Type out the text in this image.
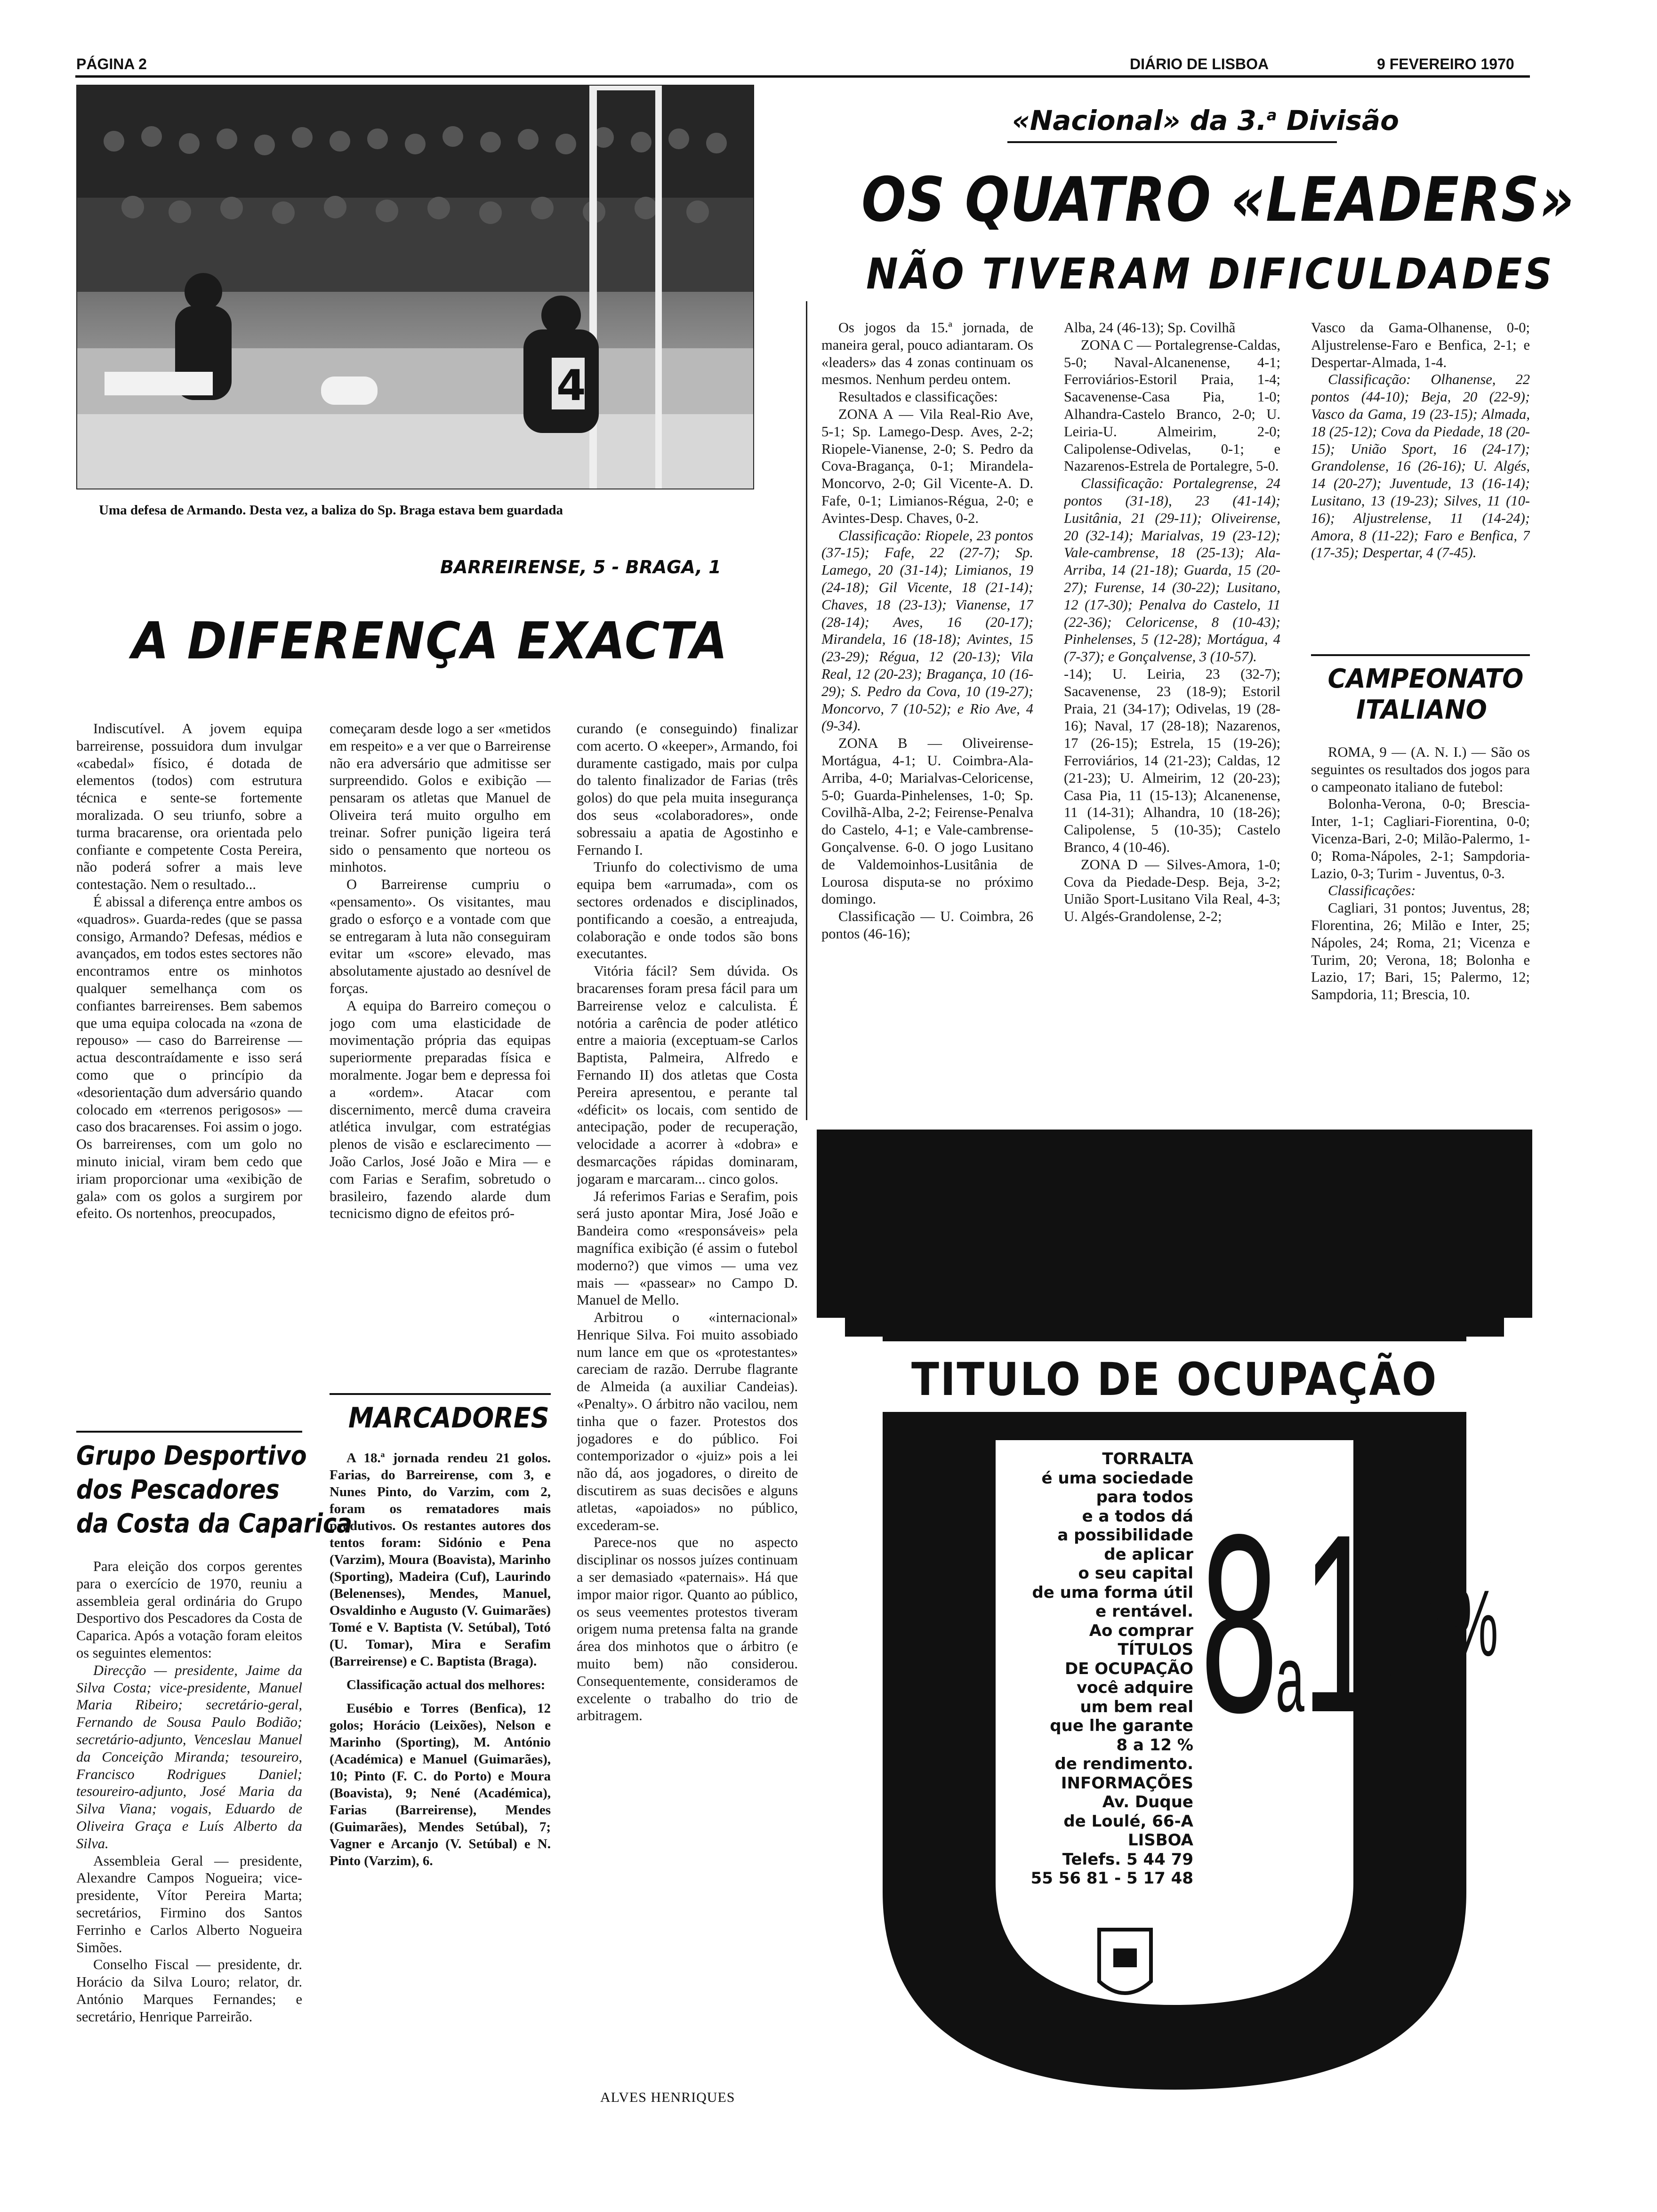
PÁGINA 2	DIÁRIO DE LISBOA	9 FEVEREIRO 1970
4
Uma defesa de Armando. Desta vez, a baliza do Sp. Braga estava bem guardada
BARREIRENSE, 5 - BRAGA, 1
A DIFERENÇA EXACTA

Indiscutível. A jovem equipa barreirense, possuidora dum invulgar «cabedal» físico, é dotada de elementos (todos) com estrutura técnica e sente-se fortemente moralizada. O seu triunfo, sobre a turma bracarense, ora orientada pelo confiante e competente Costa Pereira, não poderá sofrer a mais leve contestação. Nem o resultado...

É abissal a diferença entre ambos os «quadros». Guarda-redes (que se passa consigo, Armando? Defesas, médios e avançados, em todos estes sectores não encontramos entre os minhotos qualquer semelhança com os confiantes barreirenses. Bem sabemos que uma equipa colocada na «zona de repouso» — caso do Barreirense — actua descontraídamente e isso será como que o princípio da «desorientação dum adversário quando colocado em «terrenos perigosos» — caso dos bracarenses. Foi assim o jogo. Os barreirenses, com um golo no minuto inicial, viram bem cedo que iriam proporcionar uma «exibição de gala» com os golos a surgirem por efeito. Os nortenhos, preocupados,

começaram desde logo a ser «metidos em respeito» e a ver que o Barreirense não era adversário que admitisse ser surpreendido. Golos e exibição —pensaram os atletas que Manuel de Oliveira terá muito orgulho em treinar. Sofrer punição ligeira terá sido o pensamento que norteou os minhotos.

O Barreirense cumpriu o «pensamento». Os visitantes, mau grado o esforço e a vontade com que se entregaram à luta não conseguiram evitar um «score» elevado, mas absolutamente ajustado ao desnível de forças.

A equipa do Barreiro começou o jogo com uma elasticidade de movimentação própria das equipas superiormente preparadas física e moralmente. Jogar bem e depressa foi a «ordem». Atacar com discernimento, mercê duma craveira atlética invulgar, com estratégias plenos de visão e esclarecimento — João Carlos, José João e Mira — e com Farias e Serafim, sobretudo o brasileiro, fazendo alarde dum tecnicismo digno de efeitos pró-

curando (e conseguindo) finalizar com acerto. O «keeper», Armando, foi duramente castigado, mais por culpa do talento finalizador de Farias (três golos) do que pela muita insegurança dos seus «colaboradores», onde sobressaiu a apatia de Agostinho e Fernando I.

Triunfo do colectivismo de uma equipa bem «arrumada», com os sectores ordenados e disciplinados, pontificando a coesão, a entreajuda, colaboração e onde todos são bons executantes.

Vitória fácil? Sem dúvida. Os bracarenses foram presa fácil para um Barreirense veloz e calculista. É notória a carência de poder atlético entre a maioria (exceptuam-se Carlos Baptista, Palmeira, Alfredo e Fernando II) dos atletas que Costa Pereira apresentou, e perante tal «déficit» os locais, com sentido de antecipação, poder de recuperação, velocidade a acorrer à «dobra» e desmarcações rápidas dominaram, jogaram e marcaram... cinco golos.

Já referimos Farias e Serafim, pois será justo apontar Mira, José João e Bandeira como «responsáveis» pela magnífica exibição (é assim o futebol moderno?) que vimos — uma vez mais — «passear» no Campo D. Manuel de Mello.

Arbitrou o «internacional» Henrique Silva. Foi muito assobiado num lance em que os «protestantes» careciam de razão. Derrube flagrante de Almeida (a auxiliar Candeias). «Penalty». O árbitro não vacilou, nem tinha que o fazer. Protestos dos jogadores e do público. Foi contemporizador o «juiz» pois a lei não dá, aos jogadores, o direito de discutirem as suas decisões e alguns atletas, «apoiados» no público, excederam-se.

Parece-nos que no aspecto disciplinar os nossos juízes continuam a ser demasiado «paternais». Há que impor maior rigor. Quanto ao público, os seus veementes protestos tiveram origem numa pretensa falta na grande área dos minhotos que o árbitro (e muito bem) não considerou. Consequentemente, consideramos de excelente o trabalho do trio de arbitragem.

ALVES HENRIQUES
MARCADORES

A 18.ª jornada rendeu 21 golos. Farias, do Barreirense, com 3, e Nunes Pinto, do Varzim, com 2, foram os rematadores mais produtivos. Os restantes autores dos tentos foram: Sidónio e Pena (Varzim), Moura (Boavista), Marinho (Sporting), Madeira (Cuf), Laurindo (Belenenses), Mendes, Manuel, Osvaldinho e Augusto (V. Guimarães) Tomé e V. Baptista (V. Setúbal), Totó (U. Tomar), Mira e Serafim (Barreirense) e C. Baptista (Braga).

Classificação actual dos melhores:

Eusébio e Torres (Benfica), 12 golos; Horácio (Leixões), Nelson e Marinho (Sporting), M. António (Académica) e Manuel (Guimarães), 10; Pinto (F. C. do Porto) e Moura (Boavista), 9; Nené (Académica), Farias (Barreirense), Mendes (Guimarães), Mendes Setúbal), 7; Vagner e Arcanjo (V. Setúbal) e N. Pinto (Varzim), 6.

Grupo Desportivo
dos Pescadores
da Costa da Caparica

Para eleição dos corpos gerentes para o exercício de 1970, reuniu a assembleia geral ordinária do Grupo Desportivo dos Pescadores da Costa de Caparica. Após a votação foram eleitos os seguintes elementos:

Direcção — presidente, Jaime da Silva Costa; vice-presidente, Manuel Maria Ribeiro; secretário-geral, Fernando de Sousa Paulo Bodião; secretário-adjunto, Venceslau Manuel da Conceição Miranda; tesoureiro, Francisco Rodrigues Daniel; tesoureiro-adjunto, José Maria da Silva Viana; vogais, Eduardo de Oliveira Graça e Luís Alberto da Silva.

Assembleia Geral — presidente, Alexandre Campos Nogueira; vice-presidente, Vítor Pereira Marta; secretários, Firmino dos Santos Ferrinho e Carlos Alberto Nogueira Simões.

Conselho Fiscal — presidente, dr. Horácio da Silva Louro; relator, dr. António Marques Fernandes; e secretário, Henrique Parreirão.

«Nacional» da 3.$^a$ Divisão
OS QUATRO «LEADERS»
NÃO TIVERAM DIFICULDADES

Os jogos da 15.ª jornada, de maneira geral, pouco adiantaram. Os «leaders» das 4 zonas continuam os mesmos. Nenhum perdeu ontem.

Resultados e classificações:

ZONA A — Vila Real-Rio Ave, 5-1; Sp. Lamego-Desp. Aves, 2-2; Riopele-Vianense, 2-0; S. Pedro da Cova-Bragança, 0-1; Mirandela-Moncorvo, 2-0; Gil Vicente-A. D. Fafe, 0-1; Limianos-Régua, 2-0; e Avintes-Desp. Chaves, 0-2.

Classificação: Riopele, 23 pontos (37-15); Fafe, 22 (27-7); Sp. Lamego, 20 (31-14); Limianos, 19 (24-18); Gil Vicente, 18 (21-14); Chaves, 18 (23-13); Vianense, 17 (28-14); Aves, 16 (20-17); Mirandela, 16 (18-18); Avintes, 15 (23-29); Régua, 12 (20-13); Vila Real, 12 (20-23); Bragança, 10 (16-29); S. Pedro da Cova, 10 (19-27); Moncorvo, 7 (10-52); e Rio Ave, 4 (9-34).

ZONA B — Oliveirense-Mortágua, 4-1; U. Coimbra-Ala-Arriba, 4-0; Marialvas-Celoricense, 5-0; Guarda-Pinhelenses, 1-0; Sp. Covilhã-Alba, 2-2; Feirense-Penalva do Castelo, 4-1; e Vale-cambrense-Gonçalvense. 6-0. O jogo Lusitano de Valdemoinhos-Lusitânia de Lourosa disputa-se no próximo domingo.

Classificação — U. Coimbra, 26 pontos (46-16);

Alba, 24 (46-13); Sp. Covilhã

ZONA C — Portalegrense-Caldas, 5-0; Naval-Alcanenense, 4-1; Ferroviários-Estoril Praia, 1-4; Sacavenense-Casa Pia, 1-0; Alhandra-Castelo Branco, 2-0; U. Leiria-U. Almeirim, 2-0; Calipolense-Odivelas, 0-1; e Nazarenos-Estrela de Portalegre, 5-0.

Classificação: Portalegrense, 24 pontos (31-18), 23 (41-14); Lusitânia, 21 (29-11); Oliveirense, 20 (32-14); Marialvas, 19 (23-12); Vale-cambrense, 18 (25-13); Ala-Arriba, 14 (21-18); Guarda, 15 (20-27); Furense, 14 (30-22); Lusitano, 12 (17-30); Penalva do Castelo, 11 (22-36); Celoricense, 8 (10-43); Pinhelenses, 5 (12-28); Mortágua, 4 (7-37); e Gonçalvense, 3 (10-57).

-14); U. Leiria, 23 (32-7); Sacavenense, 23 (18-9); Estoril Praia, 21 (34-17); Odivelas, 19 (28-16); Naval, 17 (28-18); Nazarenos, 17 (26-15); Estrela, 15 (19-26); Ferroviários, 14 (21-23); Caldas, 12 (21-23); U. Almeirim, 12 (20-23); Casa Pia, 11 (15-13); Alcanenense, 11 (14-31); Alhandra, 10 (18-26); Calipolense, 5 (10-35); Castelo Branco, 4 (10-46).

ZONA D — Silves-Amora, 1-0; Cova da Piedade-Desp. Beja, 3-2; União Sport-Lusitano Vila Real, 4-3; U. Algés-Grandolense, 2-2;

Vasco da Gama-Olhanense, 0-0; Aljustrelense-Faro e Benfica, 2-1; e Despertar-Almada, 1-4.

Classificação: Olhanense, 22 pontos (44-10); Beja, 20 (22-9); Vasco da Gama, 19 (23-15); Almada, 18 (25-12); Cova da Piedade, 18 (20-15); União Sport, 16 (24-17); Grandolense, 16 (26-16); U. Algés, 14 (20-27); Juventude, 13 (16-14); Lusitano, 13 (19-23); Silves, 11 (10-16); Aljustrelense, 11 (14-24); Amora, 8 (11-22); Faro e Benfica, 7 (17-35); Despertar, 4 (7-45).

CAMPEONATO
ITALIANO

ROMA, 9 — (A. N. I.) — São os seguintes os resultados dos jogos para o campeonato italiano de futebol:

Bolonha-Verona, 0-0; Brescia-Inter, 1-1; Cagliari-Fiorentina, 0-0; Vicenza-Bari, 2-0; Milão-Palermo, 1-0; Roma-Nápoles, 2-1; Sampdoria-Lazio, 0-3; Turim - Juventus, 0-3.

Classificações:

Cagliari, 31 pontos; Juventus, 28; Florentina, 26; Milão e Inter, 25; Nápoles, 24; Roma, 21; Vicenza e Turim, 20; Verona, 18; Bolonha e Lazio, 17; Bari, 15; Palermo, 12; Sampdoria, 11; Brescia, 10.

TITULO DE OCUPAÇÃO
TORRALTA
é uma sociedade
para todos
e a todos dá
a possibilidade
de aplicar
o seu capital
de uma forma útil
e rentável.
Ao comprar
TÍTULOS
DE OCUPAÇÃO
você adquire
um bem real
que lhe garante
8 a 12 %
de rendimento.
INFORMAÇÕES
Av. Duque
de Loulé, 66-A
LISBOA
Telefs. 5 44 79
55 56 81 - 5 17 48
8a12%
